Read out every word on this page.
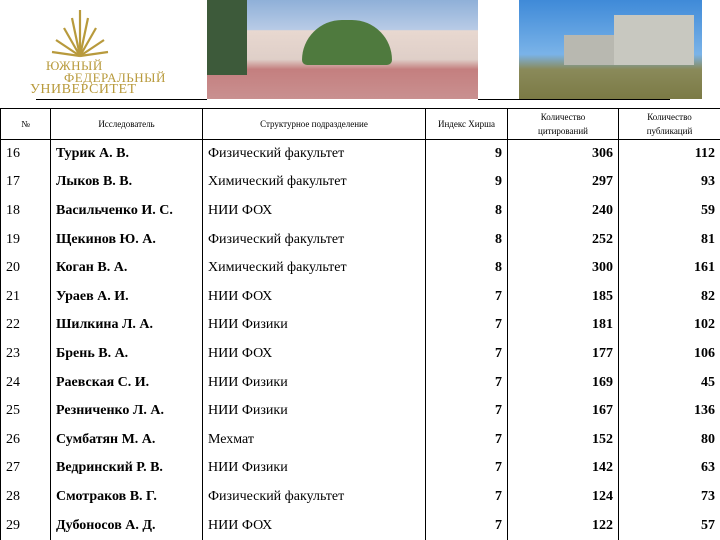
ЮЖНЫЙ
ФЕДЕРАЛЬНЫЙ
УНИВЕРСИТЕТ
№	Исследователь	Структурное подразделение	Индекс Хирша	Количество цитирований	Количество публикаций
16	Турик А. В.	Физический факультет	9	306	112
17	Лыков В. В.	Химический факультет	9	297	93
18	Васильченко И. С.	НИИ ФОХ	8	240	59
19	Щекинов Ю. А.	Физический факультет	8	252	81
20	Коган В. А.	Химический факультет	8	300	161
21	Ураев А. И.	НИИ ФОХ	7	185	82
22	Шилкина Л. А.	НИИ Физики	7	181	102
23	Брень В. А.	НИИ ФОХ	7	177	106
24	Раевская С. И.	НИИ Физики	7	169	45
25	Резниченко Л. А.	НИИ Физики	7	167	136
26	Сумбатян М. А.	Мехмат	7	152	80
27	Ведринский Р. В.	НИИ Физики	7	142	63
28	Смотраков В. Г.	Физический факультет	7	124	73
29	Дубоносов А. Д.	НИИ ФОХ	7	122	57
